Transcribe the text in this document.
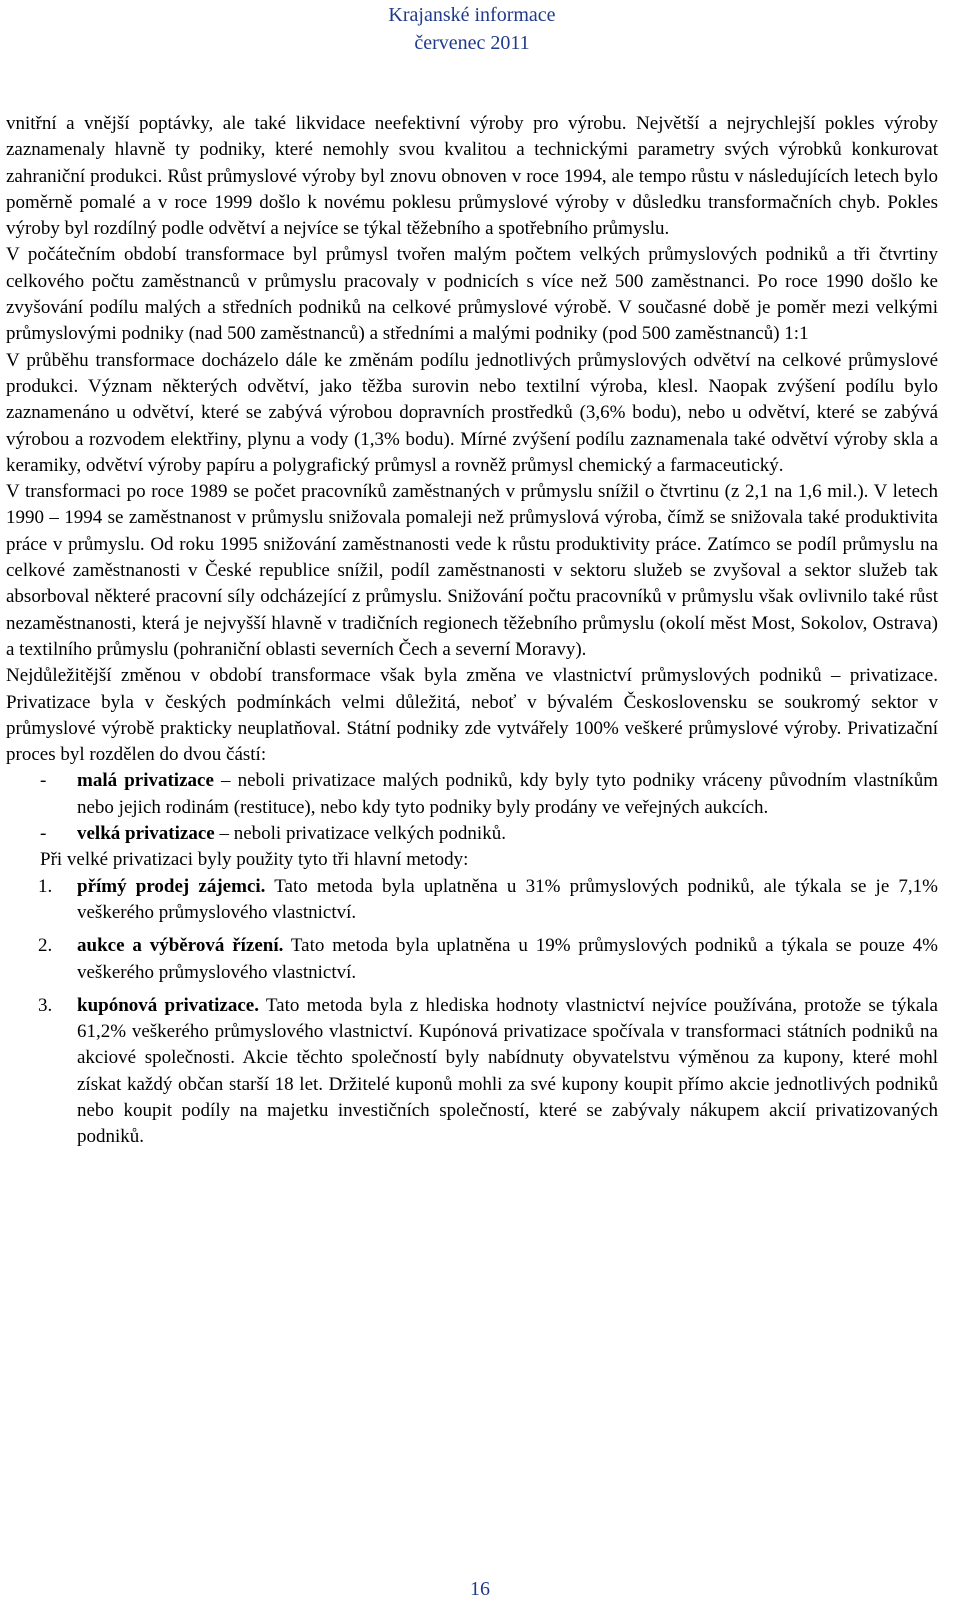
Krajanské informace
červenec 2011

vnitřní a vnější poptávky, ale také likvidace neefektivní výroby pro výrobu. Největší a nejrychlejší pokles výroby zaznamenaly hlavně ty podniky, které nemohly svou kvalitou a technickými parametry svých výrobků konkurovat zahraniční produkci. Růst průmyslové výroby byl znovu obnoven v roce 1994, ale tempo růstu v následujících letech bylo poměrně pomalé a v roce 1999 došlo k novému poklesu průmyslové výroby v důsledku transformačních chyb. Pokles výroby byl rozdílný podle odvětví a nejvíce se týkal těžebního a spotřebního průmyslu.

V počátečním období transformace byl průmysl tvořen malým počtem velkých průmyslových podniků a tři čtvrtiny celkového počtu zaměstnanců v průmyslu pracovaly v podnicích s více než 500 zaměstnanci. Po roce 1990 došlo ke zvyšování podílu malých a středních podniků na celkové průmyslové výrobě. V současné době je poměr mezi velkými průmyslovými podniky (nad 500 zaměstnanců) a středními a malými podniky (pod 500 zaměstnanců) 1:1

V průběhu transformace docházelo dále ke změnám podílu jednotlivých průmyslových odvětví na celkové průmyslové produkci. Význam některých odvětví, jako těžba surovin nebo textilní výroba, klesl. Naopak zvýšení podílu bylo zaznamenáno u odvětví, které se zabývá výrobou dopravních prostředků (3,6% bodu), nebo u odvětví, které se zabývá výrobou a rozvodem elektřiny, plynu a vody (1,3% bodu). Mírné zvýšení podílu zaznamenala také odvětví výroby skla a keramiky, odvětví výroby papíru a polygrafický průmysl a rovněž průmysl chemický a farmaceutický.

V transformaci po roce 1989 se počet pracovníků zaměstnaných v průmyslu snížil o čtvrtinu (z 2,1 na 1,6 mil.). V letech 1990 – 1994 se zaměstnanost v průmyslu snižovala pomaleji než průmyslová výroba, čímž se snižovala také produktivita práce v průmyslu. Od roku 1995 snižování zaměstnanosti vede k růstu produktivity práce. Zatímco se podíl průmyslu na celkové zaměstnanosti v České republice snížil, podíl zaměstnanosti v sektoru služeb se zvyšoval a sektor služeb tak absorboval některé pracovní síly odcházející z průmyslu. Snižování počtu pracovníků v průmyslu však ovlivnilo také růst nezaměstnanosti, která je nejvyšší hlavně v tradičních regionech těžebního průmyslu (okolí měst Most, Sokolov, Ostrava) a textilního průmyslu (pohraniční oblasti severních Čech a severní Moravy).

Nejdůležitější změnou v období transformace však byla změna ve vlastnictví průmyslových podniků – privatizace. Privatizace byla v českých podmínkách velmi důležitá, neboť v bývalém Československu se soukromý sektor v průmyslové výrobě prakticky neuplatňoval. Státní podniky zde vytvářely 100% veškeré průmyslové výroby. Privatizační proces byl rozdělen do dvou částí:

- malá privatizace – neboli privatizace malých podniků, kdy byly tyto podniky vráceny původním vlastníkům nebo jejich rodinám (restituce), nebo kdy tyto podniky byly prodány ve veřejných aukcích.
- velká privatizace – neboli privatizace velkých podniků.

Při velké privatizaci byly použity tyto tři hlavní metody:

1. přímý prodej zájemci. Tato metoda byla uplatněna u 31% průmyslových podniků, ale týkala se je 7,1% veškerého průmyslového vlastnictví.
2. aukce a výběrová řízení. Tato metoda byla uplatněna u 19% průmyslových podniků a týkala se pouze 4% veškerého průmyslového vlastnictví.
3. kupónová privatizace. Tato metoda byla z hlediska hodnoty vlastnictví nejvíce používána, protože se týkala 61,2% veškerého průmyslového vlastnictví. Kupónová privatizace spočívala v transformaci státních podniků na akciové společnosti. Akcie těchto společností byly nabídnuty obyvatelstvu výměnou za kupony, které mohl získat každý občan starší 18 let. Držitelé kuponů mohli za své kupony koupit přímo akcie jednotlivých podniků nebo koupit podíly na majetku investičních společností, které se zabývaly nákupem akcií privatizovaných podniků.
16
